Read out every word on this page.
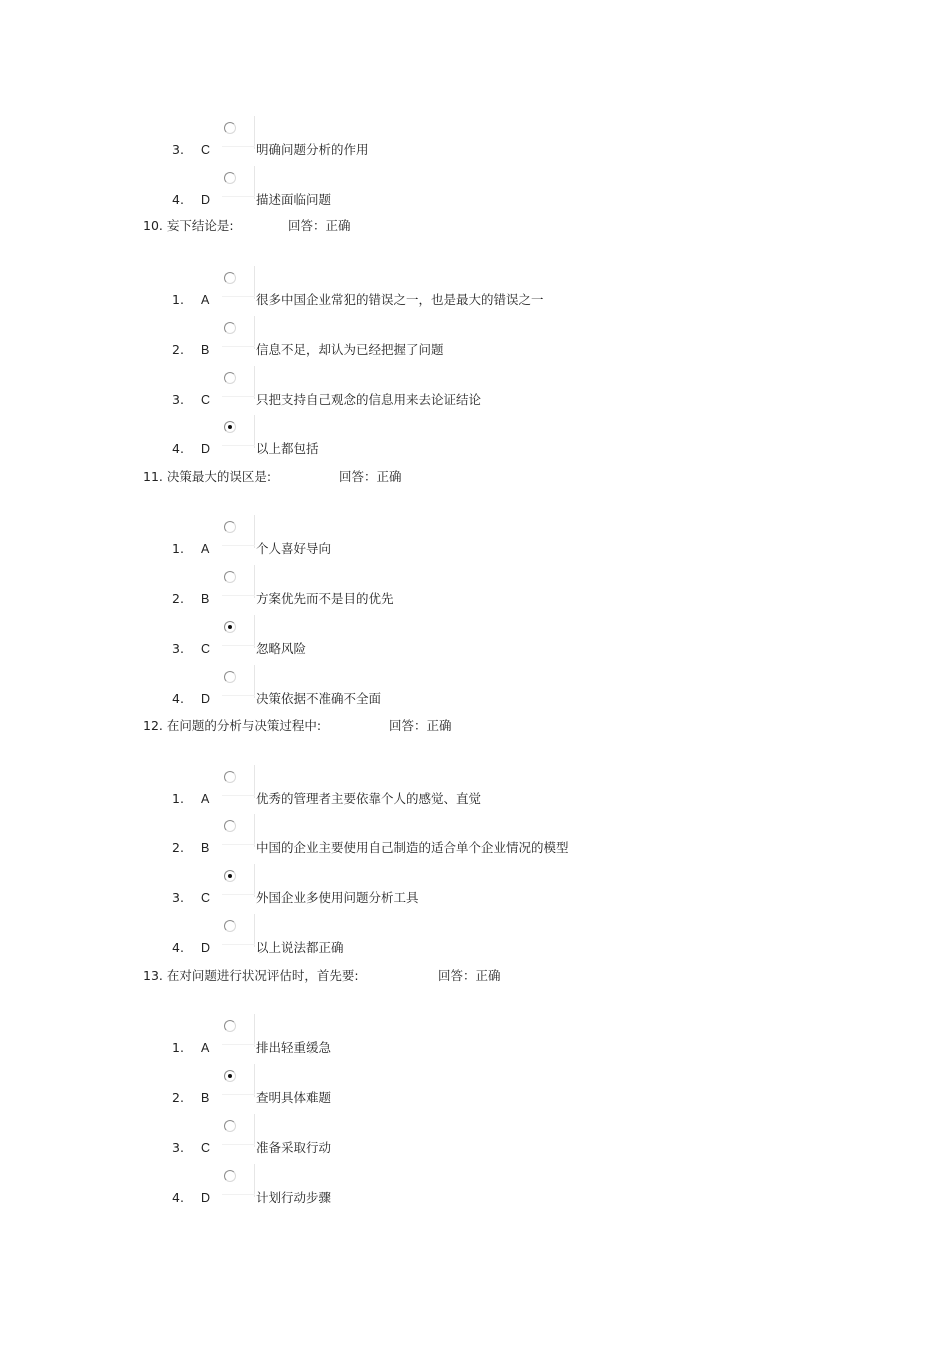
3.	C	明确问题分析的作用
4.	D	描述面临问题
10. 妄下结论是:	回答：正确
1.	A	很多中国企业常犯的错误之一，也是最大的错误之一
2.	B	信息不足，却认为已经把握了问题
3.	C	只把支持自己观念的信息用来去论证结论
4.	D	以上都包括
11. 决策最大的误区是:	回答：正确
1.	A	个人喜好导向
2.	B	方案优先而不是目的优先
3.	C	忽略风险
4.	D	决策依据不准确不全面
12. 在问题的分析与决策过程中:	回答：正确
1.	A	优秀的管理者主要依靠个人的感觉、直觉
2.	B	中国的企业主要使用自己制造的适合单个企业情况的模型
3.	C	外国企业多使用问题分析工具
4.	D	以上说法都正确
13. 在对问题进行状况评估时，首先要:	回答：正确
1.	A	排出轻重缓急
2.	B	查明具体难题
3.	C	准备采取行动
4.	D	计划行动步骤
